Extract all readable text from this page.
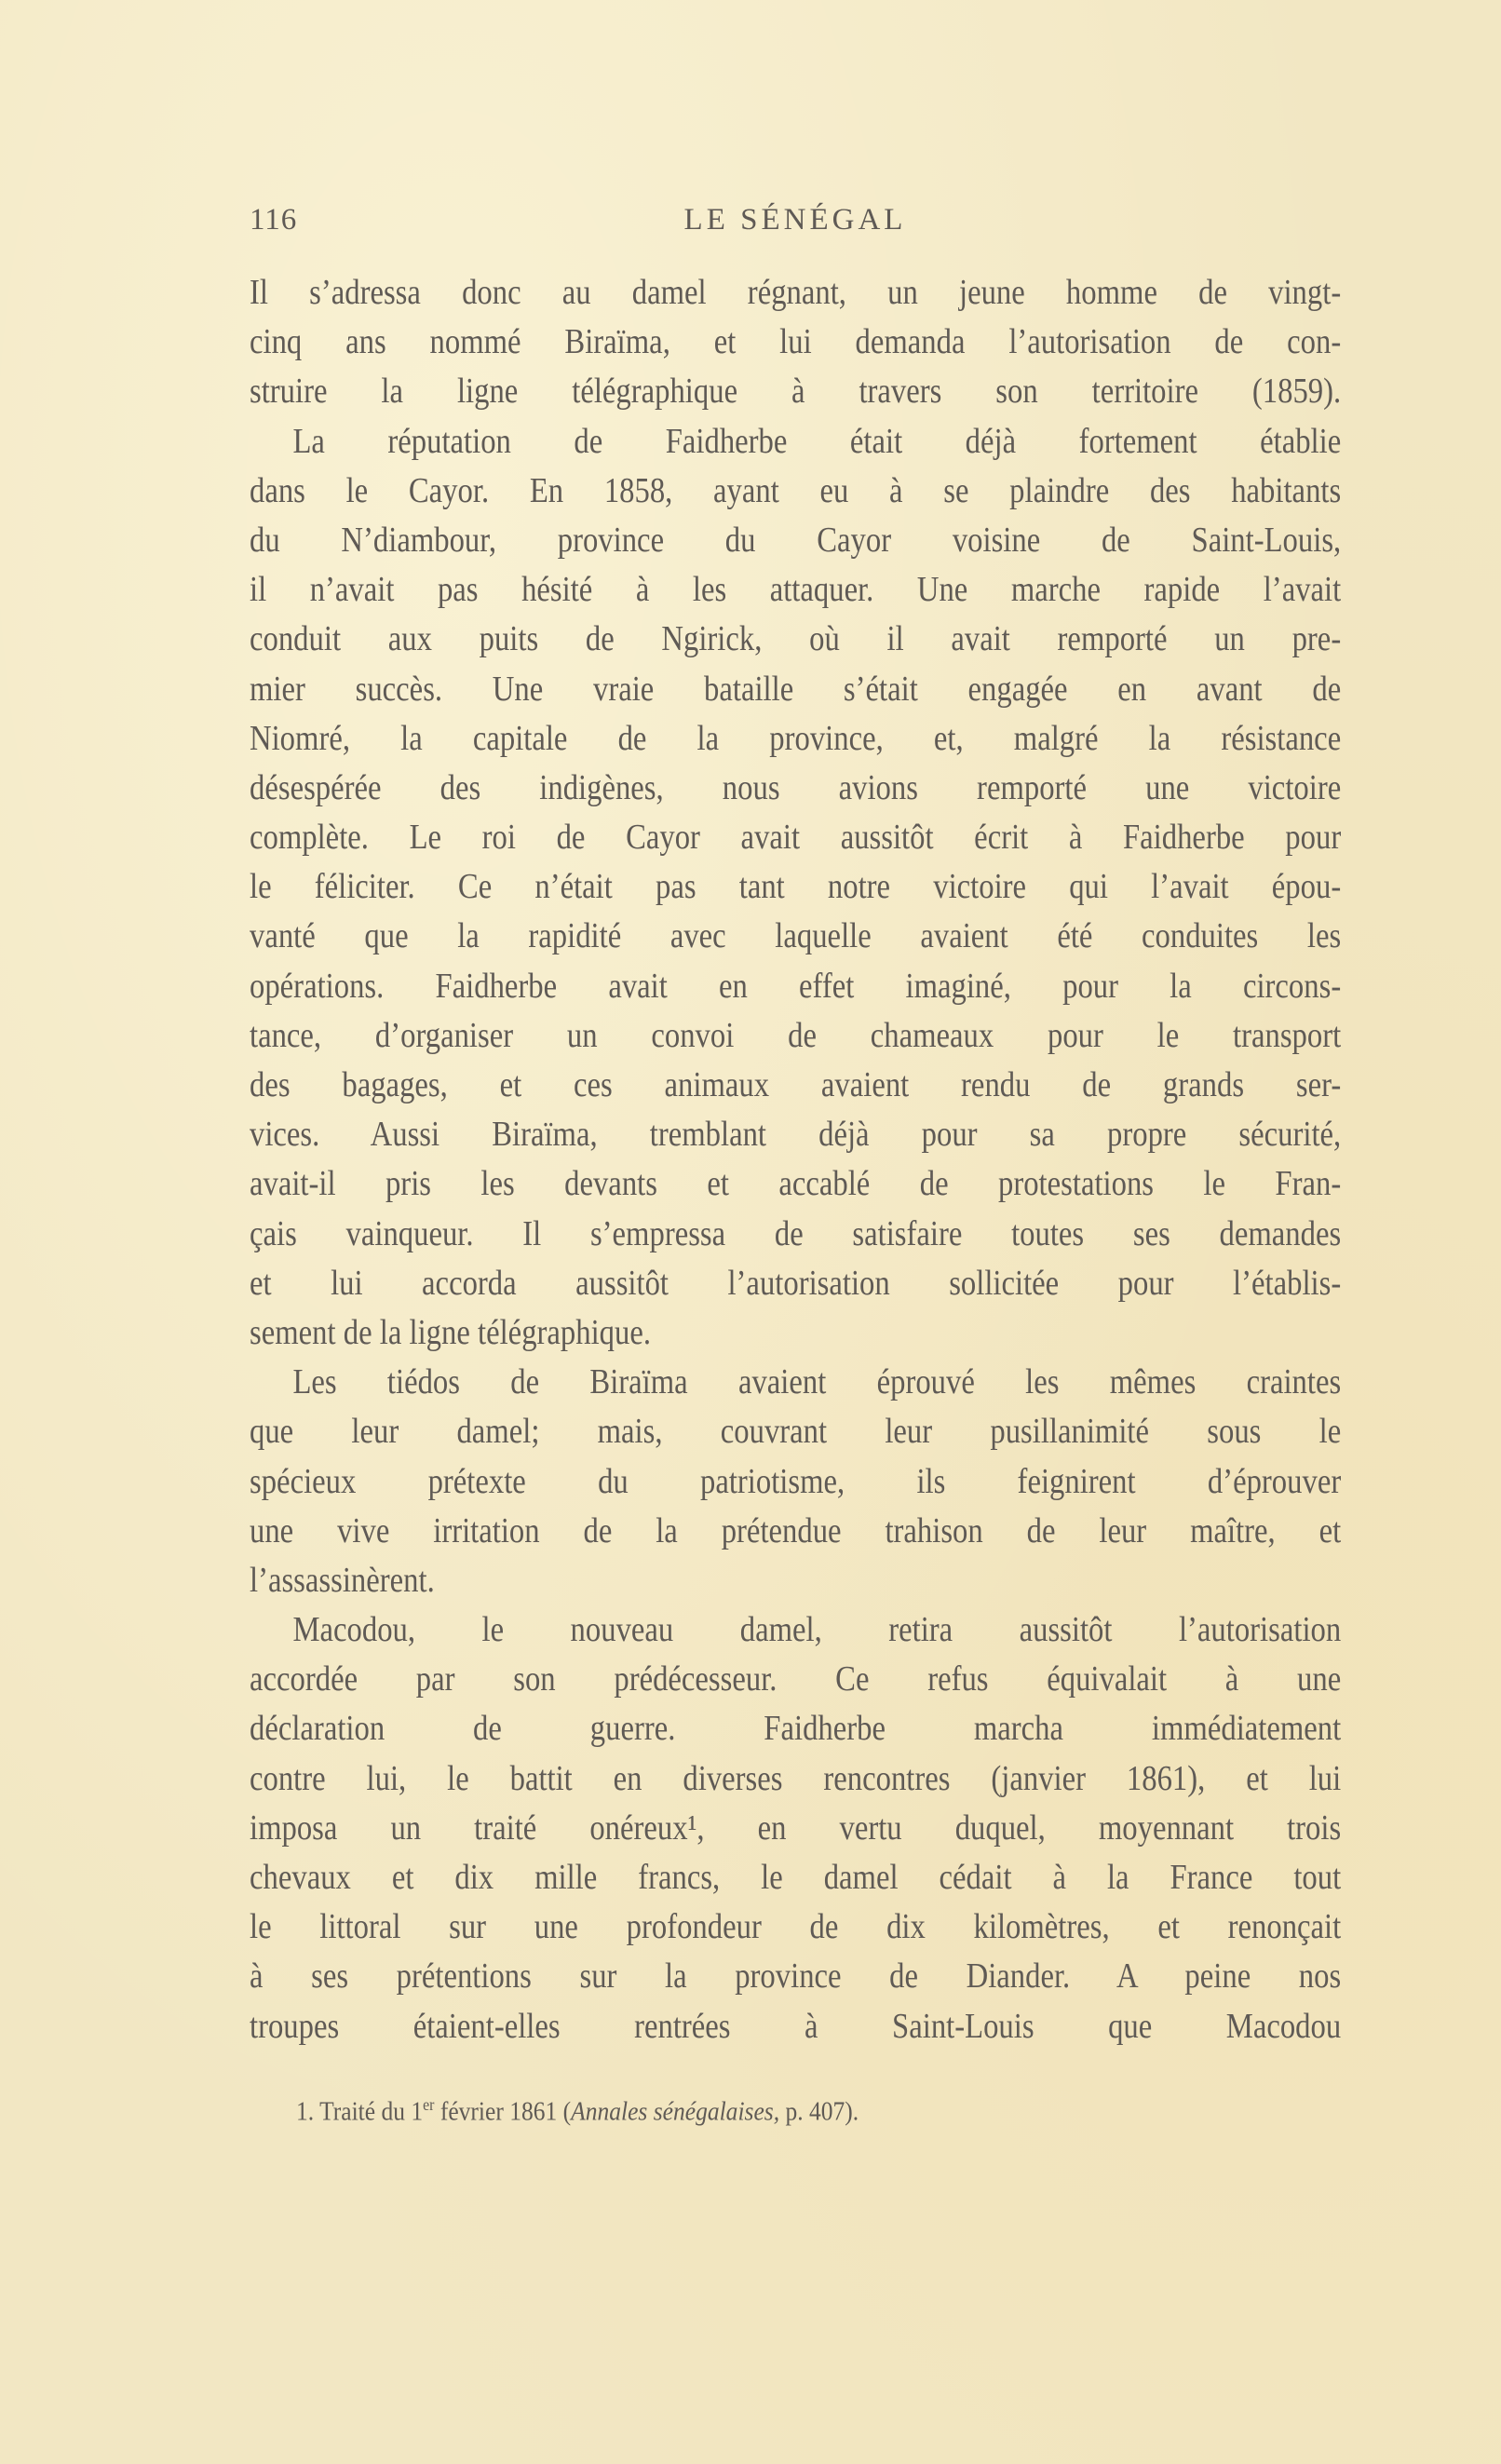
116	LE SÉNÉGAL
Il s’adressa donc au damel régnant, un jeune homme de vingt-
cinq ans nommé Biraïma, et lui demanda l’autorisation de con-
struire la ligne télégraphique à travers son territoire (1859).
La réputation de Faidherbe était déjà fortement établie
dans le Cayor. En 1858, ayant eu à se plaindre des habitants
du N’diambour, province du Cayor voisine de Saint-Louis,
il n’avait pas hésité à les attaquer. Une marche rapide l’avait
conduit aux puits de Ngirick, où il avait remporté un pre-
mier succès. Une vraie bataille s’était engagée en avant de
Niomré, la capitale de la province, et, malgré la résistance
désespérée des indigènes, nous avions remporté une victoire
complète. Le roi de Cayor avait aussitôt écrit à Faidherbe pour
le féliciter. Ce n’était pas tant notre victoire qui l’avait épou-
vanté que la rapidité avec laquelle avaient été conduites les
opérations. Faidherbe avait en effet imaginé, pour la circons-
tance, d’organiser un convoi de chameaux pour le transport
des bagages, et ces animaux avaient rendu de grands ser-
vices. Aussi Biraïma, tremblant déjà pour sa propre sécurité,
avait-il pris les devants et accablé de protestations le Fran-
çais vainqueur. Il s’empressa de satisfaire toutes ses demandes
et lui accorda aussitôt l’autorisation sollicitée pour l’établis-
sement de la ligne télégraphique.
Les tiédos de Biraïma avaient éprouvé les mêmes craintes
que leur damel; mais, couvrant leur pusillanimité sous le
spécieux prétexte du patriotisme, ils feignirent d’éprouver
une vive irritation de la prétendue trahison de leur maître, et
l’assassinèrent.
Macodou, le nouveau damel, retira aussitôt l’autorisation
accordée par son prédécesseur. Ce refus équivalait à une
déclaration de guerre. Faidherbe marcha immédiatement
contre lui, le battit en diverses rencontres (janvier 1861), et lui
imposa un traité onéreux¹, en vertu duquel, moyennant trois
chevaux et dix mille francs, le damel cédait à la France tout
le littoral sur une profondeur de dix kilomètres, et renonçait
à ses prétentions sur la province de Diander. A peine nos
troupes étaient-elles rentrées à Saint-Louis que Macodou
1. Traité du 1er février 1861 (Annales sénégalaises, p. 407).
